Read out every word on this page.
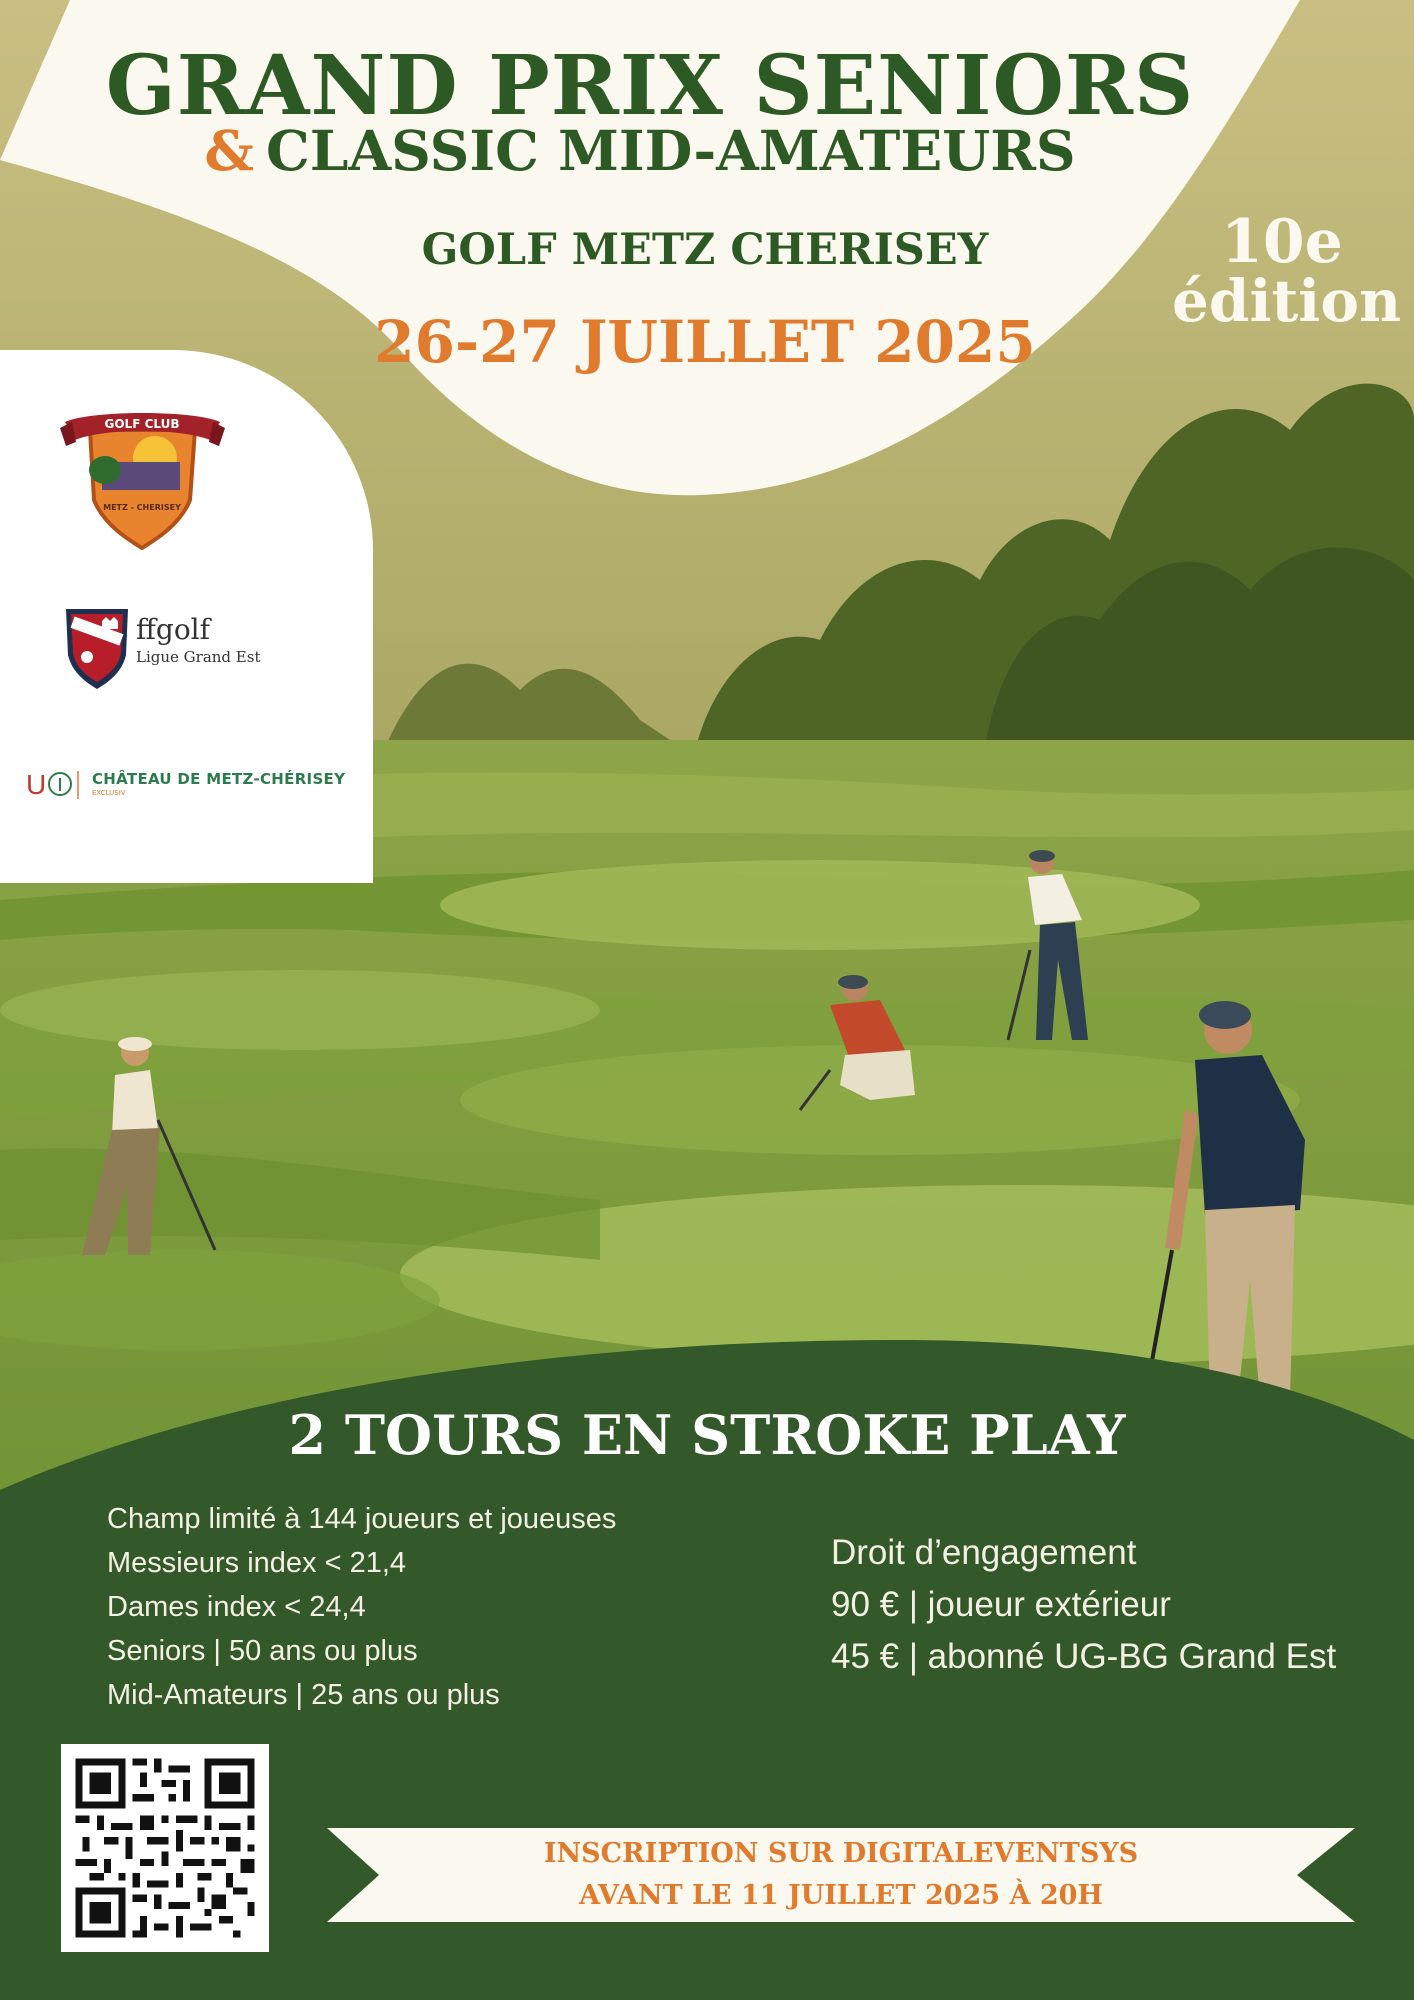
GRAND PRIX SENIORS
& CLASSIC MID-AMATEURS
GOLF METZ CHERISEY
26-27 JUILLET 2025
10e
édition
GOLF CLUB
METZ - CHERISEY
ffgolf
Ligue Grand Est
U	CHÂTEAU DE METZ-CHÉRISEY
EXCLUSIV
2 TOURS EN STROKE PLAY
Champ limité à 144 joueurs et joueuses
Messieurs index < 21,4
Dames index < 24,4
Seniors | 50 ans ou plus
Mid-Amateurs | 25 ans ou plus
Droit d’engagement
90 € | joueur extérieur
45 € | abonné UG-BG Grand Est
INSCRIPTION SUR DIGITALEVENTSYS
AVANT LE 11 JUILLET 2025 À 20H
